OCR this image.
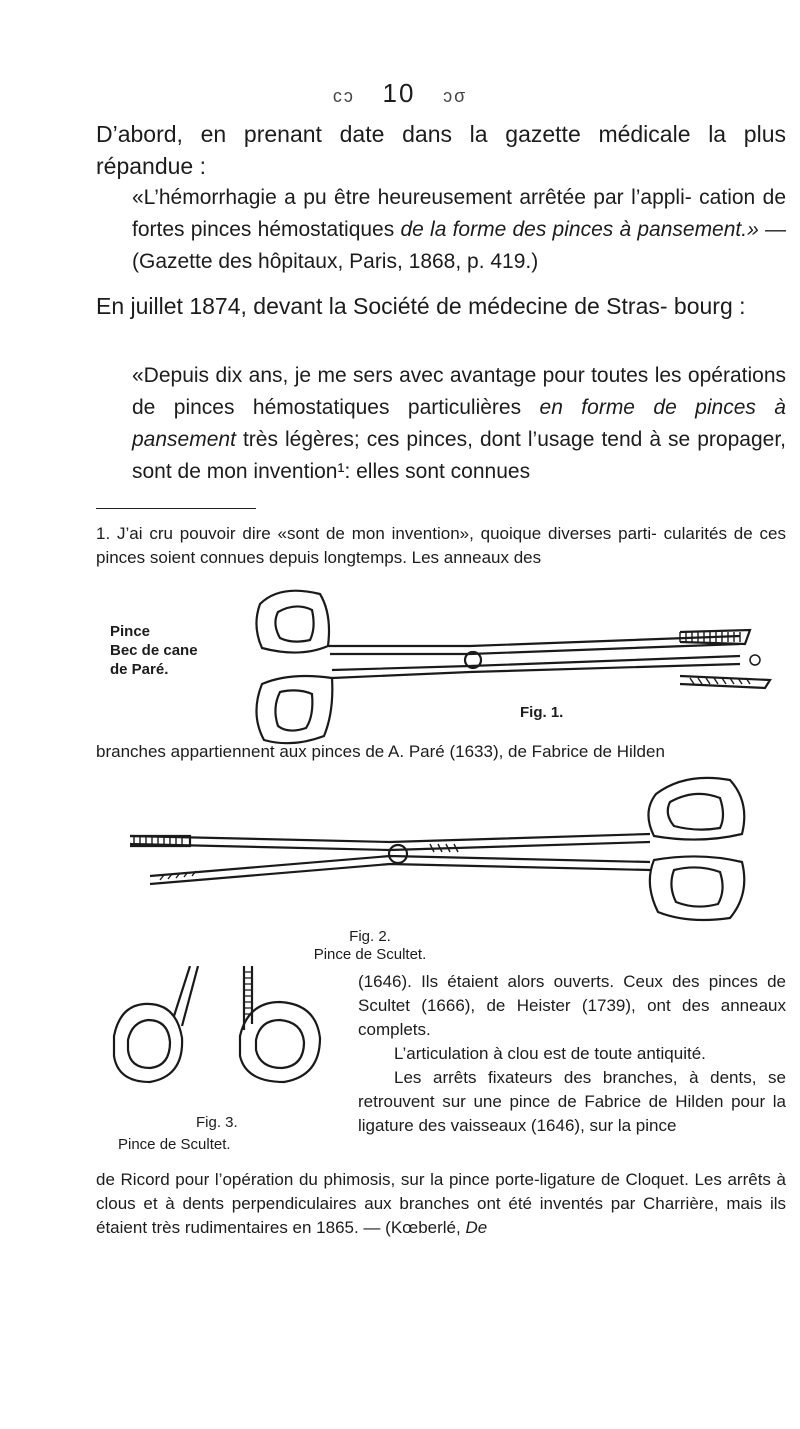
cɔ 10 ɔσ
D’abord, en prenant date dans la gazette médicale la plus répandue :
«L’hémorrhagie a pu être heureusement arrêtée par l’appli- cation de fortes pinces hémostatiques de la forme des pinces à pansement.» — (Gazette des hôpitaux, Paris, 1868, p. 419.)
En juillet 1874, devant la Société de médecine de Stras- bourg :
«Depuis dix ans, je me sers avec avantage pour toutes les opérations de pinces hémostatiques particulières en forme de pinces à pansement très légères; ces pinces, dont l’usage tend à se propager, sont de mon invention¹: elles sont connues
1. J’ai cru pouvoir dire «sont de mon invention», quoique diverses parti- cularités de ces pinces soient connues depuis longtemps. Les anneaux des
Pince
Bec de cane
de Paré.
Fig. 1.
branches appartiennent aux pinces de A. Paré (1633), de Fabrice de Hilden
Fig. 2.
Pince de Scultet.
Fig. 3.
Pince de Scultet.
(1646). Ils étaient alors ouverts. Ceux des pinces de Scultet (1666), de Heister (1739), ont des anneaux complets.
L’articulation à clou est de toute antiquité.
Les arrêts fixateurs des branches, à dents, se retrouvent sur une pince de Fabrice de Hilden pour la ligature des vaisseaux (1646), sur la pince
de Ricord pour l’opération du phimosis, sur la pince porte-ligature de Cloquet. Les arrêts à clous et à dents perpendiculaires aux branches ont été inventés par Charrière, mais ils étaient très rudimentaires en 1865. — (Kœberlé, De
